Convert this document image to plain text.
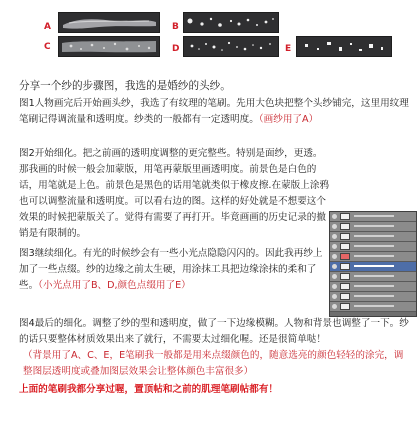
A
C
B
D	E
分享一个纱的步骤图，我选的是婚纱的头纱。
图1人物画完后开始画头纱，我选了有纹理的笔刷。先用大色块把整个头纱铺完，这里用纹理笔刷记得调流量和透明度。纱类的一般都有一定透明度。（画纱用了A）
图2开始细化。把之前画的透明度调整的更完整些。特别是面纱，更透。那我画的时候一般会加蒙版，用笔再蒙版里画透明度。前景色是白色的话，用笔就是上色。前景色是黑色的话用笔就类似于橡皮擦.在蒙版上涂鸦也可以调整流量和透明度。可以看右边的图。这样的好处就是不想要这个效果的时候把蒙版关了。觉得有需要了再打开。毕竟画画的历史记录的撤销是有限制的。
图3继续细化。有光的时候纱会有一些小光点隐隐闪闪的。因此我再纱上加了一些点缀。纱的边缘之前太生硬，用涂抹工具把边缘涂抹的柔和了些。（小光点用了B、D,颜色点缀用了E）
图4最后的细化。调整了纱的型和透明度，做了一下边缘模糊。人物和背景也调整了一下。纱的话只要整体材质效果出来了就行，不需要太过细化喔。还是很简单哒！
（背景用了A、C、E，E笔刷我一般都是用来点缀颜色的，随意选亮的颜色轻轻的涂完，调整图层透明度或叠加图层效果会让整体颜色丰富很多）
上面的笔刷我都分享过喔，置顶帖和之前的肌理笔刷帖都有！
